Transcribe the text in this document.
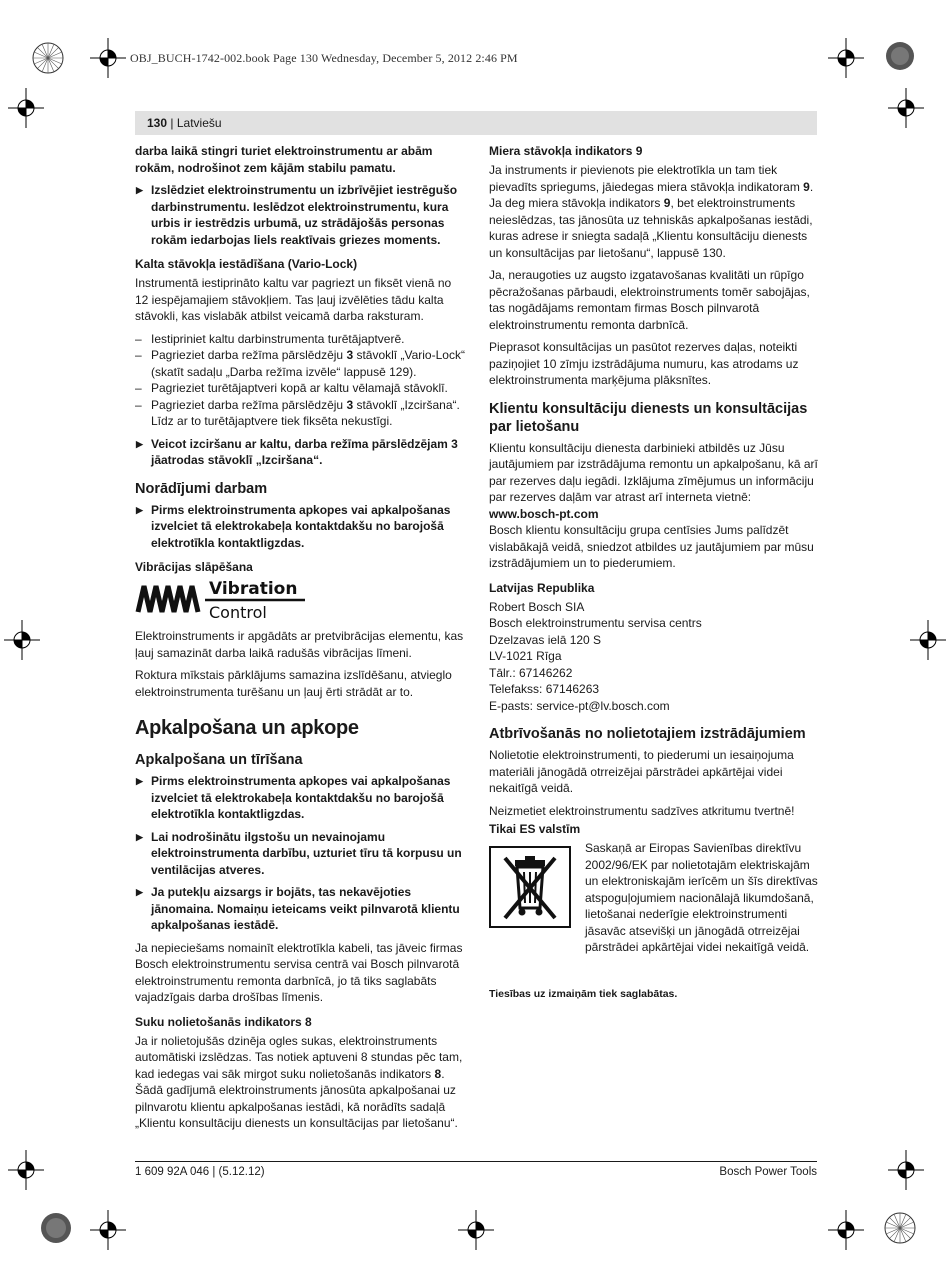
OBJ_BUCH-1742-002.book Page 130 Wednesday, December 5, 2012 2:46 PM
130 | Latviešu

darba laikā stingri turiet elektroinstrumentu ar abām rokām, nodrošinot zem kājām stabilu pamatu.

▶ Izslēdziet elektroinstrumentu un izbrīvējiet iestrēgušo darbinstrumentu. Ieslēdzot elektroinstrumentu, kura urbis ir iestrēdzis urbumā, uz strādājošās personas rokām iedarbojas liels reaktīvais griezes moments.
Kalta stāvokļa iestādīšana (Vario-Lock)

Instrumentā iestiprināto kaltu var pagriezt un fiksēt vienā no 12 iespējamajiem stāvokļiem. Tas ļauj izvēlēties tādu kalta stāvokli, kas vislabāk atbilst veicamā darba raksturam.

– Iestipriniet kaltu darbinstrumenta turētājaptverē.
– Pagrieziet darba režīma pārslēdzēju 3 stāvoklī „Vario-Lock“ (skatīt sadaļu „Darba režīma izvēle“ lappusē 129).
– Pagrieziet turētājaptveri kopā ar kaltu vēlamajā stāvoklī.
– Pagrieziet darba režīma pārslēdzēju 3 stāvoklī „Izciršana“. Līdz ar to turētājaptvere tiek fiksēta nekustīgi.
▶ Veicot izciršanu ar kaltu, darba režīma pārslēdzējam 3 jāatrodas stāvoklī „Izciršana“.
Norādījumi darbam
▶ Pirms elektroinstrumenta apkopes vai apkalpošanas izvelciet tā elektrokabeļa kontaktdakšu no barojošā elektrotīkla kontaktligzdas.
Vibrācijas slāpēšana
Vibration
Control

Elektroinstruments ir apgādāts ar pretvibrācijas elementu, kas ļauj samazināt darba laikā radušās vibrācijas līmeni.

Roktura mīkstais pārklājums samazina izslīdēšanu, atvieglo elektroinstrumenta turēšanu un ļauj ērti strādāt ar to.

Apkalpošana un apkope
Apkalpošana un tīrīšana
▶ Pirms elektroinstrumenta apkopes vai apkalpošanas izvelciet tā elektrokabeļa kontaktdakšu no barojošā elektrotīkla kontaktligzdas.
▶ Lai nodrošinātu ilgstošu un nevainojamu elektroinstrumenta darbību, uzturiet tīru tā korpusu un ventilācijas atveres.
▶ Ja putekļu aizsargs ir bojāts, tas nekavējoties jānomaina. Nomaiņu ieteicams veikt pilnvarotā klientu apkalpošanas iestādē.

Ja nepieciešams nomainīt elektrotīkla kabeli, tas jāveic firmas Bosch elektroinstrumentu servisa centrā vai Bosch pilnvarotā elektroinstrumentu remonta darbnīcā, jo tā tiks saglabāts vajadzīgais darba drošības līmenis.

Suku nolietošanās indikators 8

Ja ir nolietojušās dzinēja ogles sukas, elektroinstruments automātiski izslēdzas. Tas notiek aptuveni 8 stundas pēc tam, kad iedegas vai sāk mirgot suku nolietošanās indikators 8. Šādā gadījumā elektroinstruments jānosūta apkalpošanai uz pilnvarotu klientu apkalpošanas iestādi, kā norādīts sadaļā „Klientu konsultāciju dienests un konsultācijas par lietošanu“.

Miera stāvokļa indikators 9

Ja instruments ir pievienots pie elektrotīkla un tam tiek pievadīts spriegums, jāiedegas miera stāvokļa indikatoram 9. Ja deg miera stāvokļa indikators 9, bet elektroinstruments neieslēdzas, tas jānosūta uz tehniskās apkalpošanas iestādi, kuras adrese ir sniegta sadaļā „Klientu konsultāciju dienests un konsultācijas par lietošanu“, lappusē 130.

Ja, neraugoties uz augsto izgatavošanas kvalitāti un rūpīgo pēcražošanas pārbaudi, elektroinstruments tomēr sabojājas, tas nogādājams remontam firmas Bosch pilnvarotā elektroinstrumentu remonta darbnīcā.

Pieprasot konsultācijas un pasūtot rezerves daļas, noteikti paziņojiet 10 zīmju izstrādājuma numuru, kas atrodams uz elektroinstrumenta marķējuma plāksnītes.

Klientu konsultāciju dienests un konsultācijas par lietošanu

Klientu konsultāciju dienesta darbinieki atbildēs uz Jūsu jautājumiem par izstrādājuma remontu un apkalpošanu, kā arī par rezerves daļu iegādi. Izklājuma zīmējumus un informāciju par rezerves daļām var atrast arī interneta vietnē:

www.bosch-pt.com

Bosch klientu konsultāciju grupa centīsies Jums palīdzēt vislabākajā veidā, sniedzot atbildes uz jautājumiem par mūsu izstrādājumiem un to piederumiem.

Latvijas Republika

Robert Bosch SIA

Bosch elektroinstrumentu servisa centrs

Dzelzavas ielā 120 S

LV-1021 Rīga

Tālr.: 67146262

Telefakss: 67146263

E-pasts: service-pt@lv.bosch.com

Atbrīvošanās no nolietotajiem izstrādājumiem

Nolietotie elektroinstrumenti, to piederumi un iesaiņojuma materiāli jānogādā otrreizējai pārstrādei apkārtējai videi nekaitīgā veidā.

Neizmetiet elektroinstrumentu sadzīves atkritumu tvertnē!

Tikai ES valstīm

Saskaņā ar Eiropas Savienības direktīvu 2002/96/EK par nolietotajām elektriskajām un elektroniskajām ierīcēm un šīs direktīvas atspoguļojumiem nacionālajā likumdošanā, lietošanai nederīgie elektroinstrumenti jāsavāc atsevišķi un jānogādā otrreizējai pārstrādei apkārtējai videi nekaitīgā veidā.

Tiesības uz izmaiņām tiek saglabātas.
1 609 92A 046 | (5.12.12)	Bosch Power Tools
